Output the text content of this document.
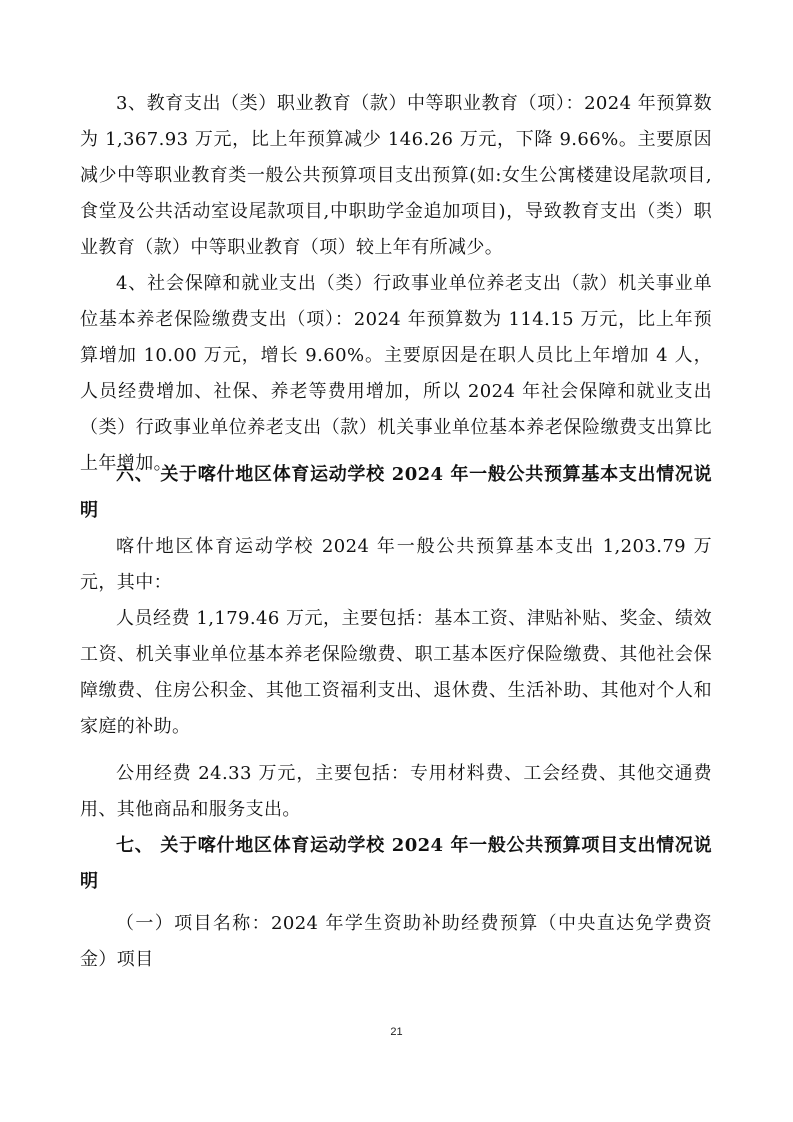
3、教育支出（类）职业教育（款）中等职业教育（项）：2024 年预算数为 1,367.93 万元，比上年预算减少 146.26 万元，下降 9.66%。主要原因减少中等职业教育类一般公共预算项目支出预算(如:女生公寓楼建设尾款项目,食堂及公共活动室设尾款项目,中职助学金追加项目)，导致教育支出（类）职业教育（款）中等职业教育（项）较上年有所减少。

4、社会保障和就业支出（类）行政事业单位养老支出（款）机关事业单位基本养老保险缴费支出（项）：2024 年预算数为 114.15 万元，比上年预算增加 10.00 万元，增长 9.60%。主要原因是在职人员比上年增加 4 人，人员经费增加、社保、养老等费用增加，所以 2024 年社会保障和就业支出（类）行政事业单位养老支出（款）机关事业单位基本养老保险缴费支出算比上年增加。

六、 关于喀什地区体育运动学校 2024 年一般公共预算基本支出情况说明

喀什地区体育运动学校 2024 年一般公共预算基本支出 1,203.79 万元，其中：

人员经费 1,179.46 万元，主要包括：基本工资、津贴补贴、奖金、绩效工资、机关事业单位基本养老保险缴费、职工基本医疗保险缴费、其他社会保障缴费、住房公积金、其他工资福利支出、退休费、生活补助、其他对个人和家庭的补助。

公用经费 24.33 万元，主要包括：专用材料费、工会经费、其他交通费用、其他商品和服务支出。

七、 关于喀什地区体育运动学校 2024 年一般公共预算项目支出情况说明

（一）项目名称：2024 年学生资助补助经费预算（中央直达免学费资金）项目

21
